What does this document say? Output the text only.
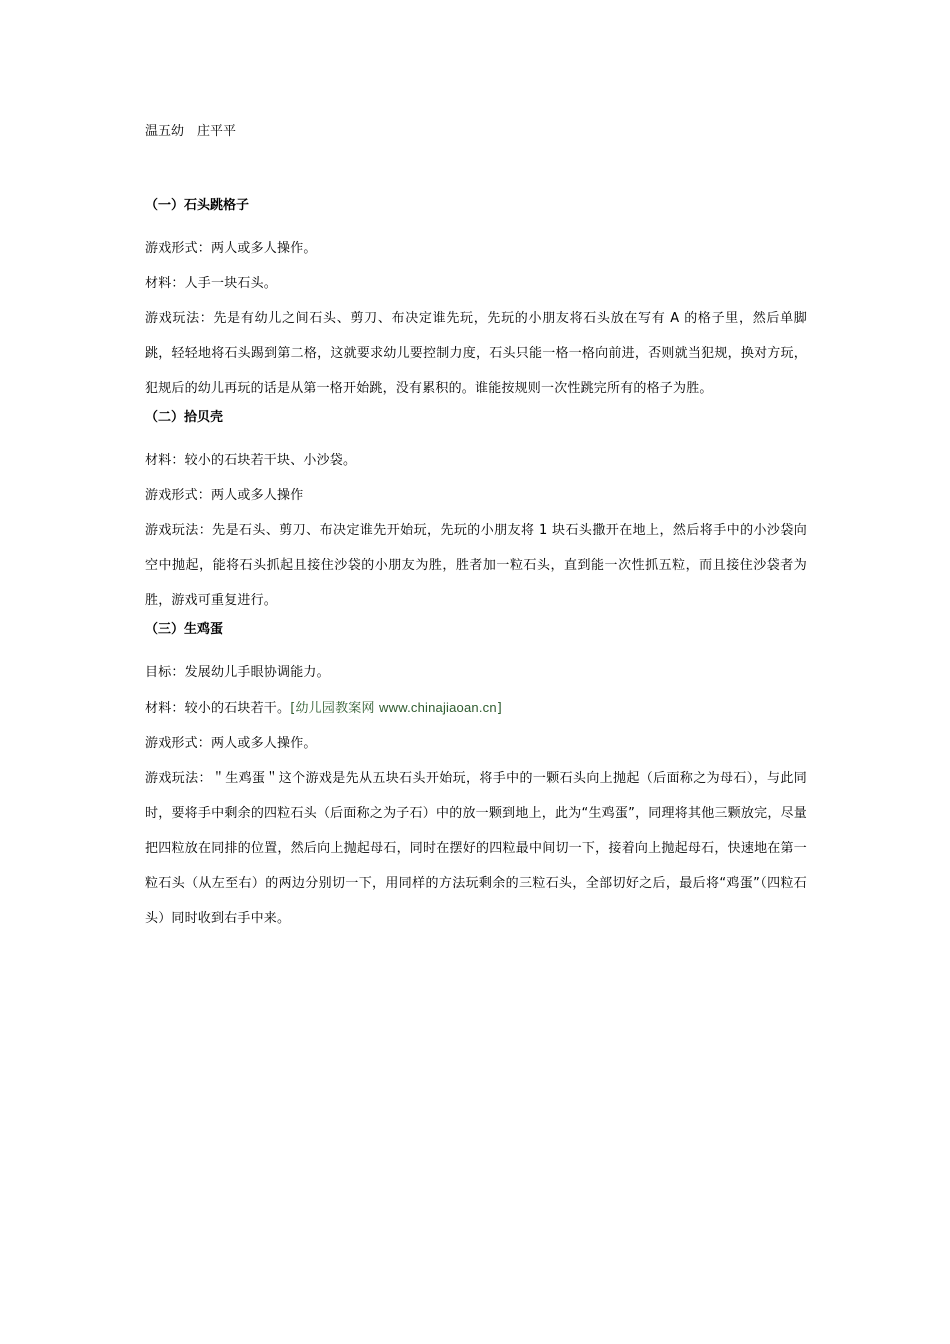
温五幼　庄平平
（一）石头跳格子

游戏形式：两人或多人操作。

材料：人手一块石头。

游戏玩法：先是有幼儿之间石头、剪刀、布决定谁先玩，先玩的小朋友将石头放在写有 A 的格子里，然后单脚跳，轻轻地将石头踢到第二格，这就要求幼儿要控制力度，石头只能一格一格向前进，否则就当犯规，换对方玩，犯规后的幼儿再玩的话是从第一格开始跳，没有累积的。谁能按规则一次性跳完所有的格子为胜。

（二）拾贝壳

材料：较小的石块若干块、小沙袋。

游戏形式：两人或多人操作

游戏玩法：先是石头、剪刀、布决定谁先开始玩，先玩的小朋友将 1 块石头撒开在地上，然后将手中的小沙袋向空中抛起，能将石头抓起且接住沙袋的小朋友为胜，胜者加一粒石头，直到能一次性抓五粒，而且接住沙袋者为胜，游戏可重复进行。

（三）生鸡蛋

目标：发展幼儿手眼协调能力。

材料：较小的石块若干。[幼儿园教案网 www.chinajiaoan.cn]

游戏形式：两人或多人操作。

游戏玩法：＂生鸡蛋＂这个游戏是先从五块石头开始玩，将手中的一颗石头向上抛起（后面称之为母石），与此同时，要将手中剩余的四粒石头（后面称之为子石）中的放一颗到地上，此为“生鸡蛋”，同理将其他三颗放完，尽量把四粒放在同排的位置，然后向上抛起母石，同时在摆好的四粒最中间切一下，接着向上抛起母石，快速地在第一粒石头（从左至右）的两边分别切一下，用同样的方法玩剩余的三粒石头，全部切好之后，最后将“鸡蛋”（四粒石头）同时收到右手中来。
